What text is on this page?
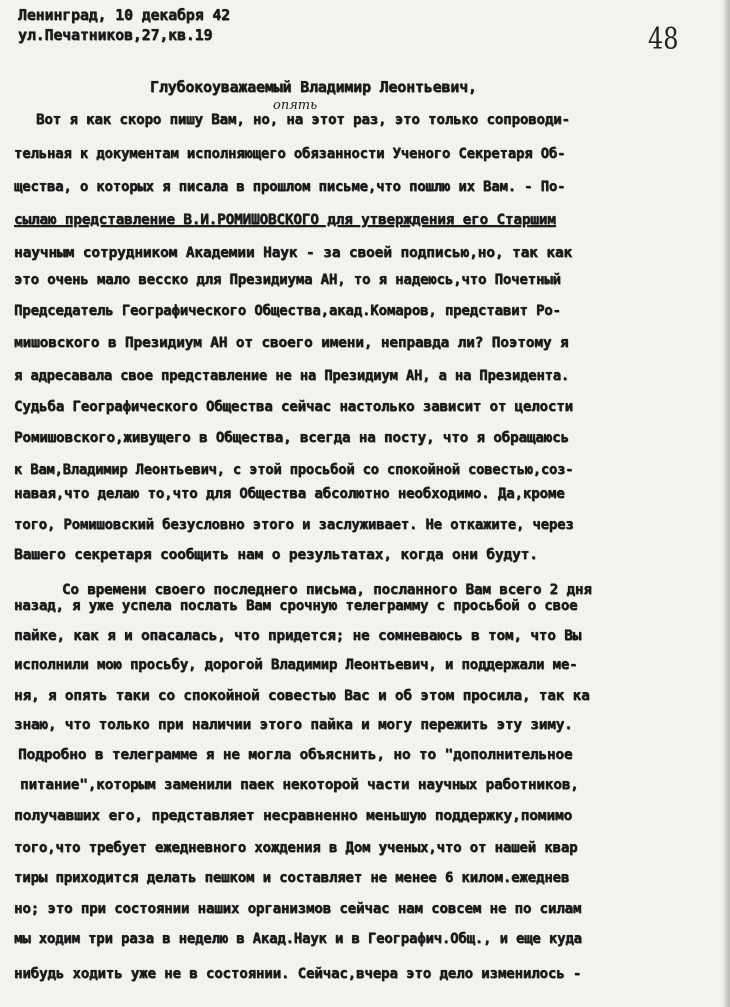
Ленинград, 10 декабря 42
ул.Печатников,27,кв.19	48
Глубокоуважаемый Владимир Леонтьевич,
опять
Вот я как скоро пишу Вам, но, на этот раз, это только сопроводи-
тельная к документам исполняющего обязанности Ученого Секретаря Об-
щества, о которых я писала в прошлом письме,что пошлю их Вам. - По-
сылаю представление В.И.РОМИШОВСКОГО для утверждения его Старшим
научным сотрудником Академии Наук - за своей подписью,но, так как
это очень мало весско для Президиума АН, то я надеюсь,что Почетный
Председатель Географического Общества,акад.Комаров, представит Ро-
мишовского в Президиум АН от своего имени, неправда ли? Поэтому я
я адресавала свое представление не на Президиум АН, а на Президента.
Судьба Географического Общества сейчас настолько зависит от целости
Ромишовского,живущего в Общества, всегда на посту, что я обращаюсь
к Вам,Владимир Леонтьевич, с этой просьбой со спокойной совестью,соз-
навая,что делаю то,что для Общества абсолютно необходимо. Да,кроме
того, Ромишовский безусловно этого и заслуживает. Не откажите, через
Вашего секретаря сообщить нам о результатах, когда они будут.
Со времени своего последнего письма, посланного Вам всего 2 дня
назад, я уже успела послать Вам срочную телеграмму с просьбой о свое
пайке, как я и опасалась, что придется; не сомневаюсь в том, что Вы
исполнили мою просьбу, дорогой Владимир Леонтьевич, и поддержали ме-
ня, я опять таки со спокойной совестью Вас и об этом просила, так ка
знаю, что только при наличии этого пайка и могу пережить эту зиму.
Подробно в телеграмме я не могла объяснить, но то "дополнительное
питание",которым заменили паек некоторой части научных работников,
получавших его, представляет несравненно меньшую поддержку,помимо
того,что требует ежедневного хождения в Дом ученых,что от нашей квар
тиры приходится делать пешком и составляет не менее 6 килом.ежеднев
но; это при состоянии наших организмов сейчас нам совсем не по силам
мы ходим три раза в неделю в Акад.Наук и в Географич.Общ., и еще куда
нибудь ходить уже не в состоянии. Сейчас,вчера это дело изменилось -
